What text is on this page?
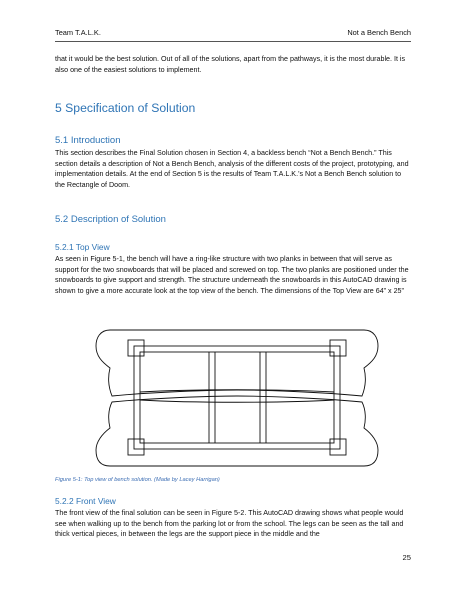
Team T.A.L.K.	Not a Bench Bench
that it would be the best solution. Out of all of the solutions, apart from the pathways, it is the most durable. It is also one of the easiest solutions to implement.
5 Specification of Solution
5.1 Introduction
This section describes the Final Solution chosen in Section 4, a backless bench “Not a Bench Bench.” This section details a description of Not a Bench Bench, analysis of the different costs of the project, prototyping, and implementation details. At the end of Section 5 is the results of Team T.A.L.K.’s Not a Bench Bench solution to the Rectangle of Doom.
5.2 Description of Solution
5.2.1 Top View
As seen in Figure 5-1, the bench will have a ring-like structure with two planks in between that will serve as support for the two snowboards that will be placed and screwed on top. The two planks are positioned under the snowboards to give support and strength. The structure underneath the snowboards in this AutoCAD drawing is shown to give a more accurate look at the top view of the bench. The dimensions of the Top View are 64” x 25”
Figure 5-1: Top view of bench solution. (Made by Lacey Harrigan)
5.2.2 Front View
The front view of the final solution can be seen in Figure 5-2. This AutoCAD drawing shows what people would see when walking up to the bench from the parking lot or from the school. The legs can be seen as the tall and thick vertical pieces, in between the legs are the support piece in the middle and the
25
